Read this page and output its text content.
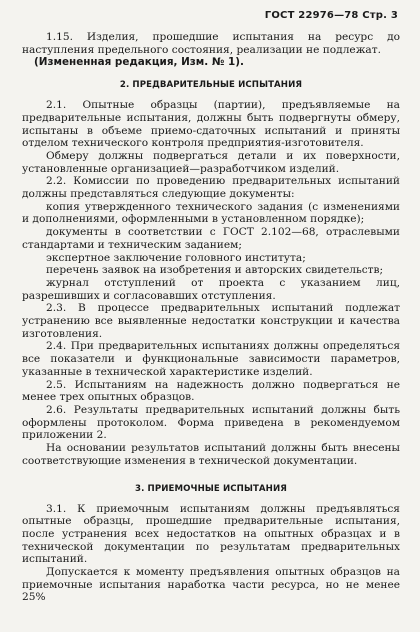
ГОСТ 22976—78 Стр. 3

1.15. Изделия, прошедшие испытания на ресурс до наступления предельного состояния, реализации не подлежат.

(Измененная редакция, Изм. № 1).

2. ПРЕДВАРИТЕЛЬНЫЕ ИСПЫТАНИЯ

2.1. Опытные образцы (партии), предъявляемые на предварительные испытания, должны быть подвергнуты обмеру, испытаны в объеме приемо-сдаточных испытаний и приняты отделом технического контроля предприятия-изготовителя.

Обмеру должны подвергаться детали и их поверхности, установленные организацией—разработчиком изделий.

2.2. Комиссии по проведению предварительных испытаний должны представляться следующие документы:

копия утвержденного технического задания (с изменениями и дополнениями, оформленными в установленном порядке);

документы в соответствии с ГОСТ 2.102—68, отраслевыми стандартами и техническим заданием;

экспертное заключение головного института;

перечень заявок на изобретения и авторских свидетельств;

журнал отступлений от проекта с указанием лиц, разрешивших и согласовавших отступления.

2.3. В процессе предварительных испытаний подлежат устранению все выявленные недостатки конструкции и качества изготовления.

2.4. При предварительных испытаниях должны определяться все показатели и функциональные зависимости параметров, указанные в технической характеристике изделий.

2.5. Испытаниям на надежность должно подвергаться не менее трех опытных образцов.

2.6. Результаты предварительных испытаний должны быть оформлены протоколом. Форма приведена в рекомендуемом приложении 2.

На основании результатов испытаний должны быть внесены соответствующие изменения в технической документации.

3. ПРИЕМОЧНЫЕ ИСПЫТАНИЯ

3.1. К приемочным испытаниям должны предъявляться опытные образцы, прошедшие предварительные испытания, после устранения всех недостатков на опытных образцах и в технической документации по результатам предварительных испытаний.

Допускается к моменту предъявления опытных образцов на приемочные испытания наработка части ресурса, но не менее 25%
